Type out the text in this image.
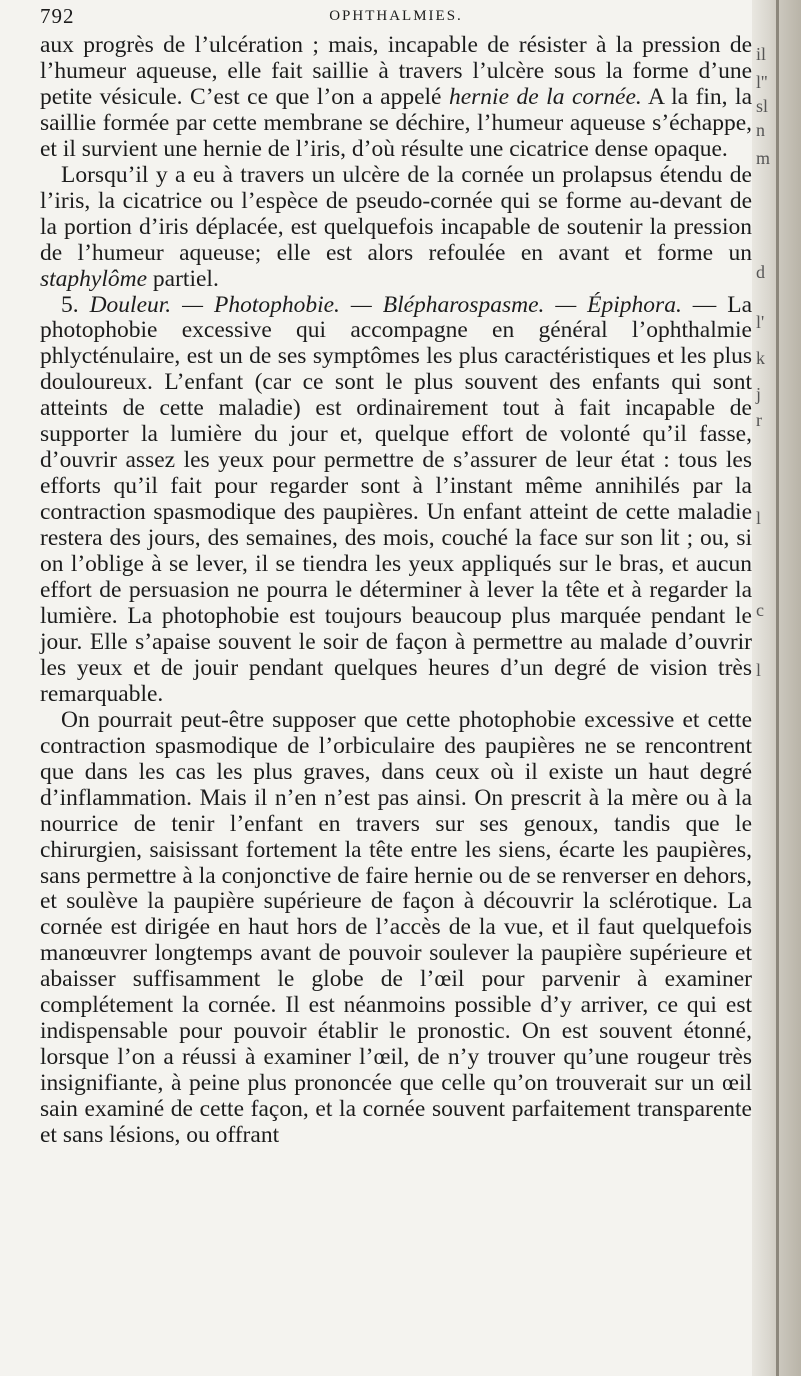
792	OPHTHALMIES.

aux progrès de l’ulcération ; mais, incapable de résister à la pression de l’humeur aqueuse, elle fait saillie à travers l’ulcère sous la forme d’une petite vésicule. C’est ce que l’on a appelé hernie de la cornée. A la fin, la saillie formée par cette membrane se déchire, l’humeur aqueuse s’échappe, et il survient une hernie de l’iris, d’où résulte une cicatrice dense opaque.

Lorsqu’il y a eu à travers un ulcère de la cornée un prolapsus étendu de l’iris, la cicatrice ou l’espèce de pseudo-cornée qui se forme au-devant de la portion d’iris déplacée, est quelquefois incapable de soutenir la pression de l’humeur aqueuse; elle est alors refoulée en avant et forme un staphylôme partiel.

5. Douleur. — Photophobie. — Blépharospasme. — Épiphora. — La photophobie excessive qui accompagne en général l’ophthalmie phlycténulaire, est un de ses symptômes les plus caractéristiques et les plus douloureux. L’enfant (car ce sont le plus souvent des enfants qui sont atteints de cette maladie) est ordinairement tout à fait incapable de supporter la lumière du jour et, quelque effort de volonté qu’il fasse, d’ouvrir assez les yeux pour permettre de s’assurer de leur état : tous les efforts qu’il fait pour regarder sont à l’instant même annihilés par la contraction spasmodique des paupières. Un enfant atteint de cette maladie restera des jours, des semaines, des mois, couché la face sur son lit ; ou, si on l’oblige à se lever, il se tiendra les yeux appliqués sur le bras, et aucun effort de persuasion ne pourra le déterminer à lever la tête et à regarder la lumière. La photophobie est toujours beaucoup plus marquée pendant le jour. Elle s’apaise souvent le soir de façon à permettre au malade d’ouvrir les yeux et de jouir pendant quelques heures d’un degré de vision très remarquable.

On pourrait peut-être supposer que cette photophobie excessive et cette contraction spasmodique de l’orbiculaire des paupières ne se rencontrent que dans les cas les plus graves, dans ceux où il existe un haut degré d’inflammation. Mais il n’en n’est pas ainsi. On prescrit à la mère ou à la nourrice de tenir l’enfant en travers sur ses genoux, tandis que le chirurgien, saisissant fortement la tête entre les siens, écarte les paupières, sans permettre à la conjonctive de faire hernie ou de se renverser en dehors, et soulève la paupière supérieure de façon à découvrir la sclérotique. La cornée est dirigée en haut hors de l’accès de la vue, et il faut quelquefois manœuvrer longtemps avant de pouvoir soulever la paupière supérieure et abaisser suffisamment le globe de l’œil pour parvenir à examiner complétement la cornée. Il est néanmoins possible d’y arriver, ce qui est indispensable pour pouvoir établir le pronostic. On est souvent étonné, lorsque l’on a réussi à examiner l’œil, de n’y trouver qu’une rougeur très insignifiante, à peine plus prononcée que celle qu’on trouverait sur un œil sain examiné de cette façon, et la cornée souvent parfaitement transparente et sans lésions, ou offrant

il
l''
sl
n
m
d
l'
k
j
r
l
c
l
